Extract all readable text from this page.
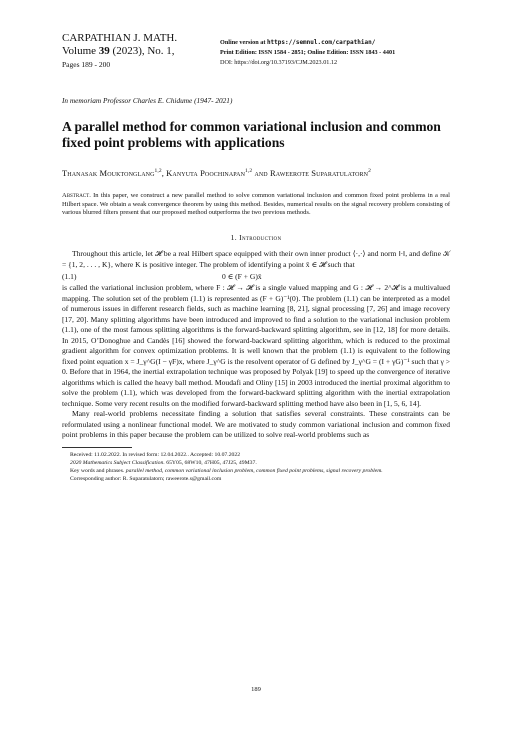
CARPATHIAN J. MATH.
Volume 39 (2023), No. 1,
Pages 189 - 200
Online version at https://semnul.com/carpathian/
Print Edition: ISSN 1584 - 2851; Online Edition: ISSN 1843 - 4401
DOI: https://doi.org/10.37193/CJM.2023.01.12
In memoriam Professor Charles E. Chidume (1947- 2021)
A parallel method for common variational inclusion and common fixed point problems with applications
Thanasak Mouktonglang$^{1,2}$, Kanyuta Poochinapan$^{1,2}$ and Raweerote Suparatulatorn$^2$
Abstract. In this paper, we construct a new parallel method to solve common variational inclusion and common fixed point problems in a real Hilbert space. We obtain a weak convergence theorem by using this method. Besides, numerical results on the signal recovery problem consisting of various blurred filters present that our proposed method outperforms the two previous methods.
1. Introduction

Throughout this article, let 𝓗 be a real Hilbert space equipped with their own inner product ⟨·,·⟩ and norm ‖·‖, and define 𝒦 = {1, 2, . . . , K}, where K is positive integer. The problem of identifying a point x̄ ∈ 𝓗 such that

(1.1)	0 ∈ (F + G)x̄

is called the variational inclusion problem, where F : 𝓗 → 𝓗 is a single valued mapping and G : 𝓗 → 2^𝓗 is a multivalued mapping. The solution set of the problem (1.1) is represented as (F + G)⁻¹(0). The problem (1.1) can be interpreted as a model of numerous issues in different research fields, such as machine learning [8, 21], signal processing [7, 26] and image recovery [17, 20]. Many splitting algorithms have been introduced and improved to find a solution to the variational inclusion problem (1.1), one of the most famous splitting algorithms is the forward-backward splitting algorithm, see in [12, 18] for more details. In 2015, O’Donoghue and Candès [16] showed the forward-backward splitting algorithm, which is reduced to the proximal gradient algorithm for convex optimization problems. It is well known that the problem (1.1) is equivalent to the following fixed point equation x = J_γ^G(I − γF)x, where J_γ^G is the resolvent operator of G defined by J_γ^G = (I + γG)⁻¹ such that γ > 0. Before that in 1964, the inertial extrapolation technique was proposed by Polyak [19] to speed up the convergence of iterative algorithms which is called the heavy ball method. Moudafi and Oliny [15] in 2003 introduced the inertial proximal algorithm to solve the problem (1.1), which was developed from the forward-backward splitting algorithm with the inertial extrapolation technique. Some very recent results on the modified forward-backward splitting method have also been in [1, 5, 6, 14].

Many real-world problems necessitate finding a solution that satisfies several constraints. These constraints can be reformulated using a nonlinear functional model. We are motivated to study common variational inclusion and common fixed point problems in this paper because the problem can be utilized to solve real-world problems such as

Received: 11.02.2022. In revised form: 12.04.2022.. Accepted: 10.07.2022

2020 Mathematics Subject Classification. 65Y05, 68W10, 47H05, 47J25, 49M37.

Key words and phrases. parallel method, common variational inclusion problem, common fixed point problems, signal recovery problem.

Corresponding author: R. Suparatulatorn; raweerote.s@gmail.com

189
